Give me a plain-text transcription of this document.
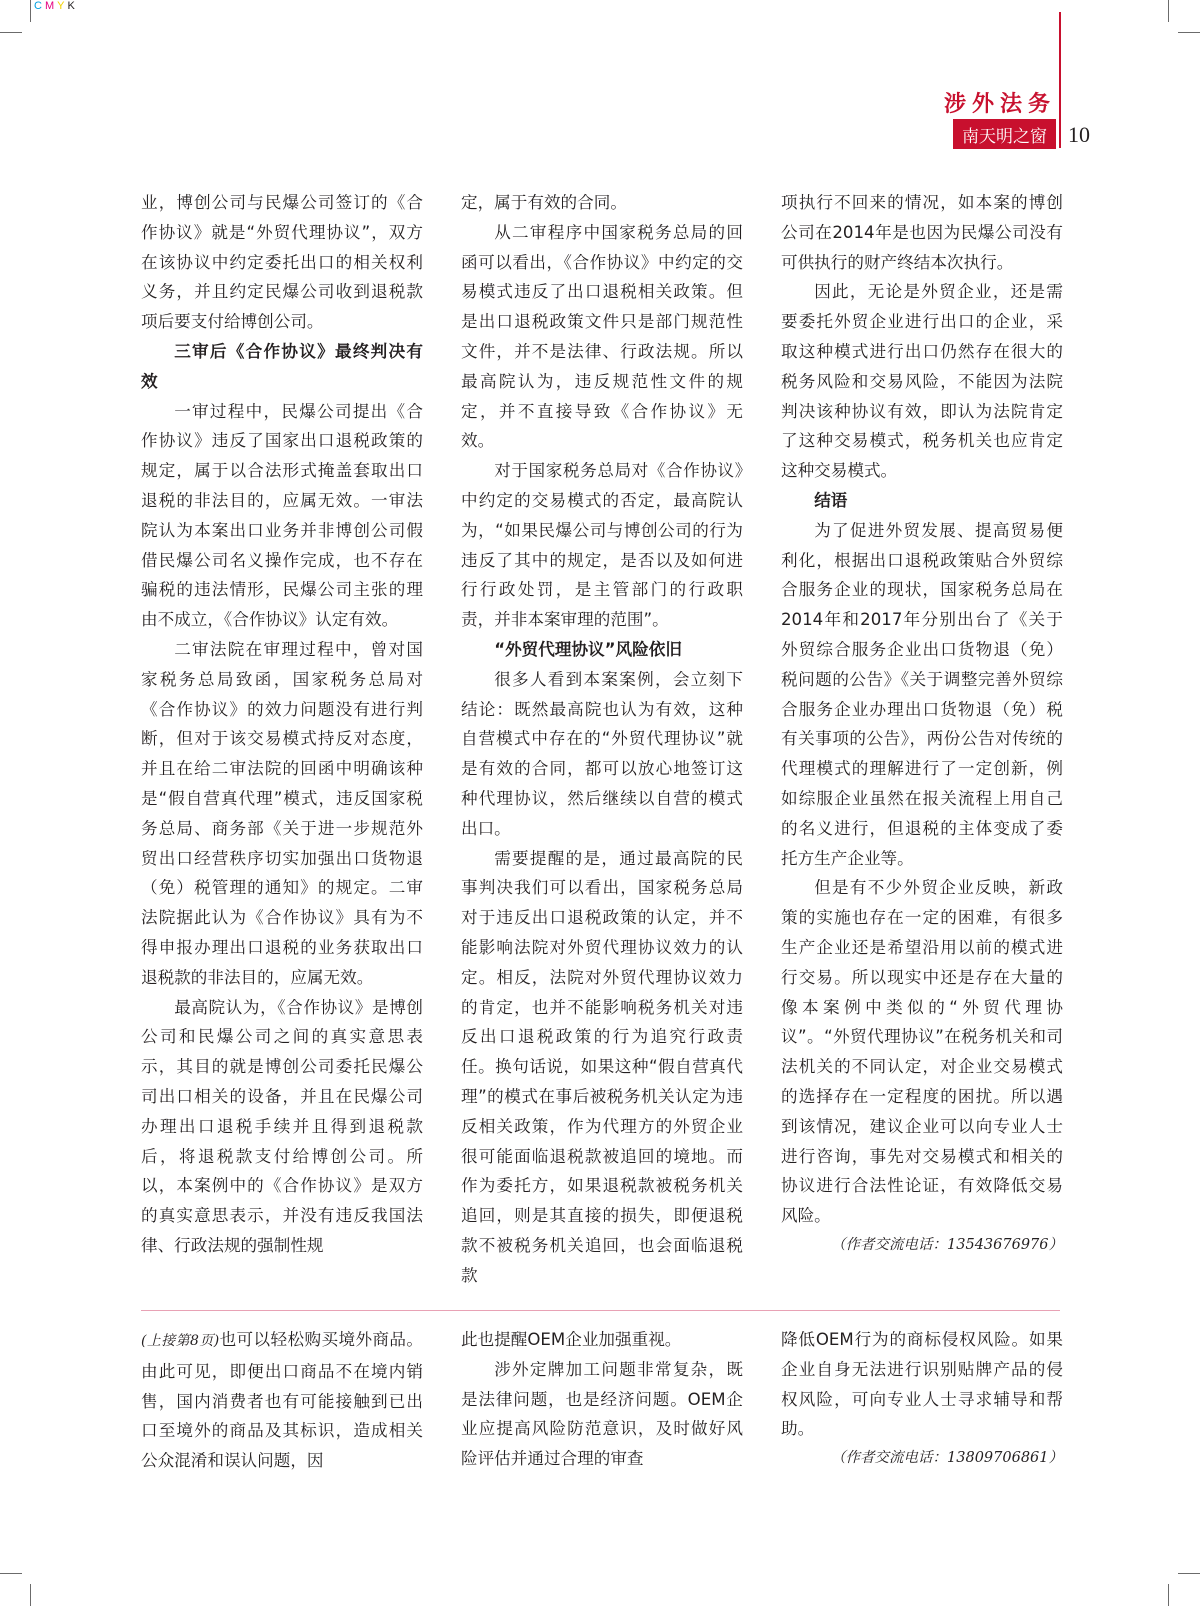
CMYK
涉外法务
南天明之窗 10

业，博创公司与民爆公司签订的《合作协议》就是“外贸代理协议”，双方在该协议中约定委托出口的相关权利义务，并且约定民爆公司收到退税款项后要支付给博创公司。

三审后《合作协议》最终判决有效

一审过程中，民爆公司提出《合作协议》违反了国家出口退税政策的规定，属于以合法形式掩盖套取出口退税的非法目的，应属无效。一审法院认为本案出口业务并非博创公司假借民爆公司名义操作完成，也不存在骗税的违法情形，民爆公司主张的理由不成立，《合作协议》认定有效。

二审法院在审理过程中，曾对国家税务总局致函，国家税务总局对《合作协议》的效力问题没有进行判断，但对于该交易模式持反对态度，并且在给二审法院的回函中明确该种是“假自营真代理”模式，违反国家税务总局、商务部《关于进一步规范外贸出口经营秩序切实加强出口货物退（免）税管理的通知》的规定。二审法院据此认为《合作协议》具有为不得申报办理出口退税的业务获取出口退税款的非法目的，应属无效。

最高院认为，《合作协议》是博创公司和民爆公司之间的真实意思表示，其目的就是博创公司委托民爆公司出口相关的设备，并且在民爆公司办理出口退税手续并且得到退税款后，将退税款支付给博创公司。所以，本案例中的《合作协议》是双方的真实意思表示，并没有违反我国法律、行政法规的强制性规

定，属于有效的合同。

从二审程序中国家税务总局的回函可以看出，《合作协议》中约定的交易模式违反了出口退税相关政策。但是出口退税政策文件只是部门规范性文件，并不是法律、行政法规。所以最高院认为，违反规范性文件的规定，并不直接导致《合作协议》无效。

对于国家税务总局对《合作协议》中约定的交易模式的否定，最高院认为，“如果民爆公司与博创公司的行为违反了其中的规定，是否以及如何进行行政处罚，是主管部门的行政职责，并非本案审理的范围”。

“外贸代理协议”风险依旧

很多人看到本案案例，会立刻下结论：既然最高院也认为有效，这种自营模式中存在的“外贸代理协议”就是有效的合同，都可以放心地签订这种代理协议，然后继续以自营的模式出口。

需要提醒的是，通过最高院的民事判决我们可以看出，国家税务总局对于违反出口退税政策的认定，并不能影响法院对外贸代理协议效力的认定。相反，法院对外贸代理协议效力的肯定，也并不能影响税务机关对违反出口退税政策的行为追究行政责任。换句话说，如果这种“假自营真代理”的模式在事后被税务机关认定为违反相关政策，作为代理方的外贸企业很可能面临退税款被追回的境地。而作为委托方，如果退税款被税务机关追回，则是其直接的损失，即便退税款不被税务机关追回，也会面临退税款

项执行不回来的情况，如本案的博创公司在2014年是也因为民爆公司没有可供执行的财产终结本次执行。

因此，无论是外贸企业，还是需要委托外贸企业进行出口的企业，采取这种模式进行出口仍然存在很大的税务风险和交易风险，不能因为法院判决该种协议有效，即认为法院肯定了这种交易模式，税务机关也应肯定这种交易模式。

结语

为了促进外贸发展、提高贸易便利化，根据出口退税政策贴合外贸综合服务企业的现状，国家税务总局在2014年和2017年分别出台了《关于外贸综合服务企业出口货物退（免）税问题的公告》《关于调整完善外贸综合服务企业办理出口货物退（免）税有关事项的公告》，两份公告对传统的代理模式的理解进行了一定创新，例如综服企业虽然在报关流程上用自己的名义进行，但退税的主体变成了委托方生产企业等。

但是有不少外贸企业反映，新政策的实施也存在一定的困难，有很多生产企业还是希望沿用以前的模式进行交易。所以现实中还是存在大量的像本案例中类似的“外贸代理协议”。“外贸代理协议”在税务机关和司法机关的不同认定，对企业交易模式的选择存在一定程度的困扰。所以遇到该情况，建议企业可以向专业人士进行咨询，事先对交易模式和相关的协议进行合法性论证，有效降低交易风险。

（作者交流电话：13543676976）

(上接第8页)也可以轻松购买境外商品。由此可见，即便出口商品不在境内销售，国内消费者也有可能接触到已出口至境外的商品及其标识，造成相关公众混淆和误认问题，因

此也提醒OEM企业加强重视。

涉外定牌加工问题非常复杂，既是法律问题，也是经济问题。OEM企业应提高风险防范意识，及时做好风险评估并通过合理的审查

降低OEM行为的商标侵权风险。如果企业自身无法进行识别贴牌产品的侵权风险，可向专业人士寻求辅导和帮助。

（作者交流电话：13809706861）
